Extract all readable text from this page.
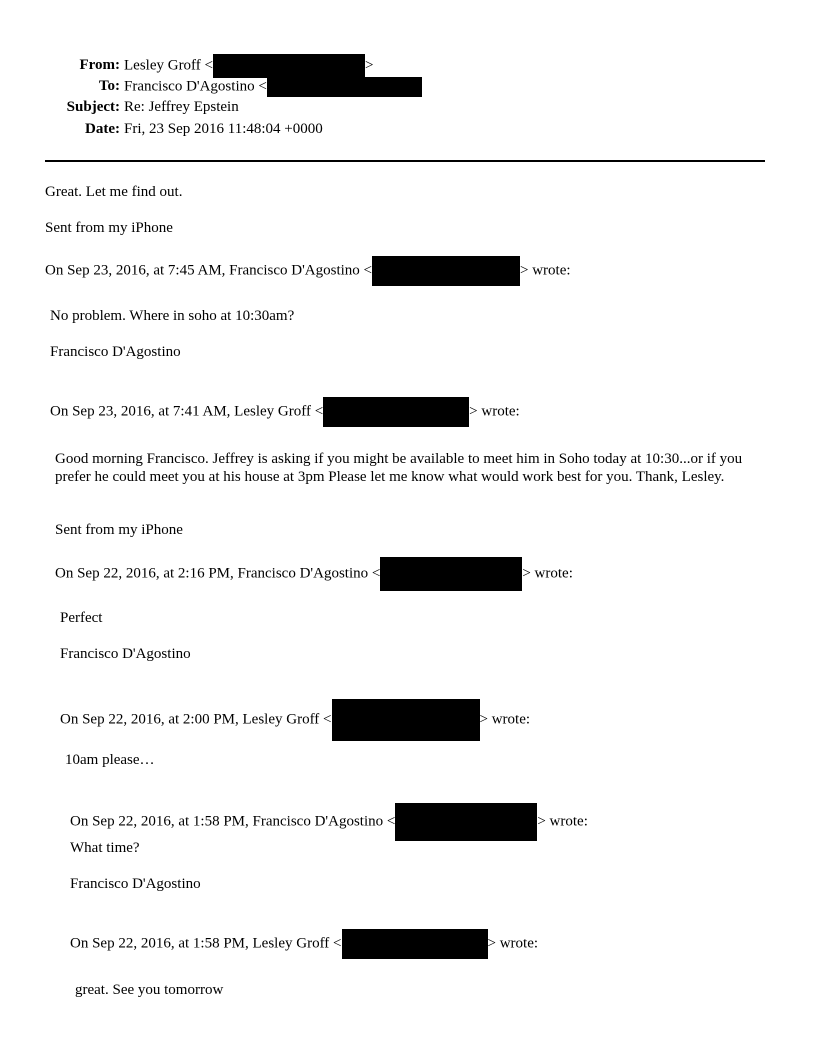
From: Lesley Groff <	>
To: Francisco D'Agostino <
Subject: Re: Jeffrey Epstein
Date: Fri, 23 Sep 2016 11:48:04 +0000
Great. Let me find out.
Sent from my iPhone
On Sep 23, 2016, at 7:45 AM, Francisco D'Agostino <	> wrote:
No problem. Where in soho at 10:30am?
Francisco D'Agostino
On Sep 23, 2016, at 7:41 AM, Lesley Groff <	> wrote:
Good morning Francisco. Jeffrey is asking if you might be available to meet him in Soho today at 10:30...or if you prefer he could meet you at his house at 3pm Please let me know what would work best for you. Thank, Lesley.
Sent from my iPhone
On Sep 22, 2016, at 2:16 PM, Francisco D'Agostino <	> wrote:
Perfect
Francisco D'Agostino
On Sep 22, 2016, at 2:00 PM, Lesley Groff <	> wrote:
10am please…
On Sep 22, 2016, at 1:58 PM, Francisco D'Agostino <	> wrote:
What time?
Francisco D'Agostino
On Sep 22, 2016, at 1:58 PM, Lesley Groff <	> wrote:
great. See you tomorrow
